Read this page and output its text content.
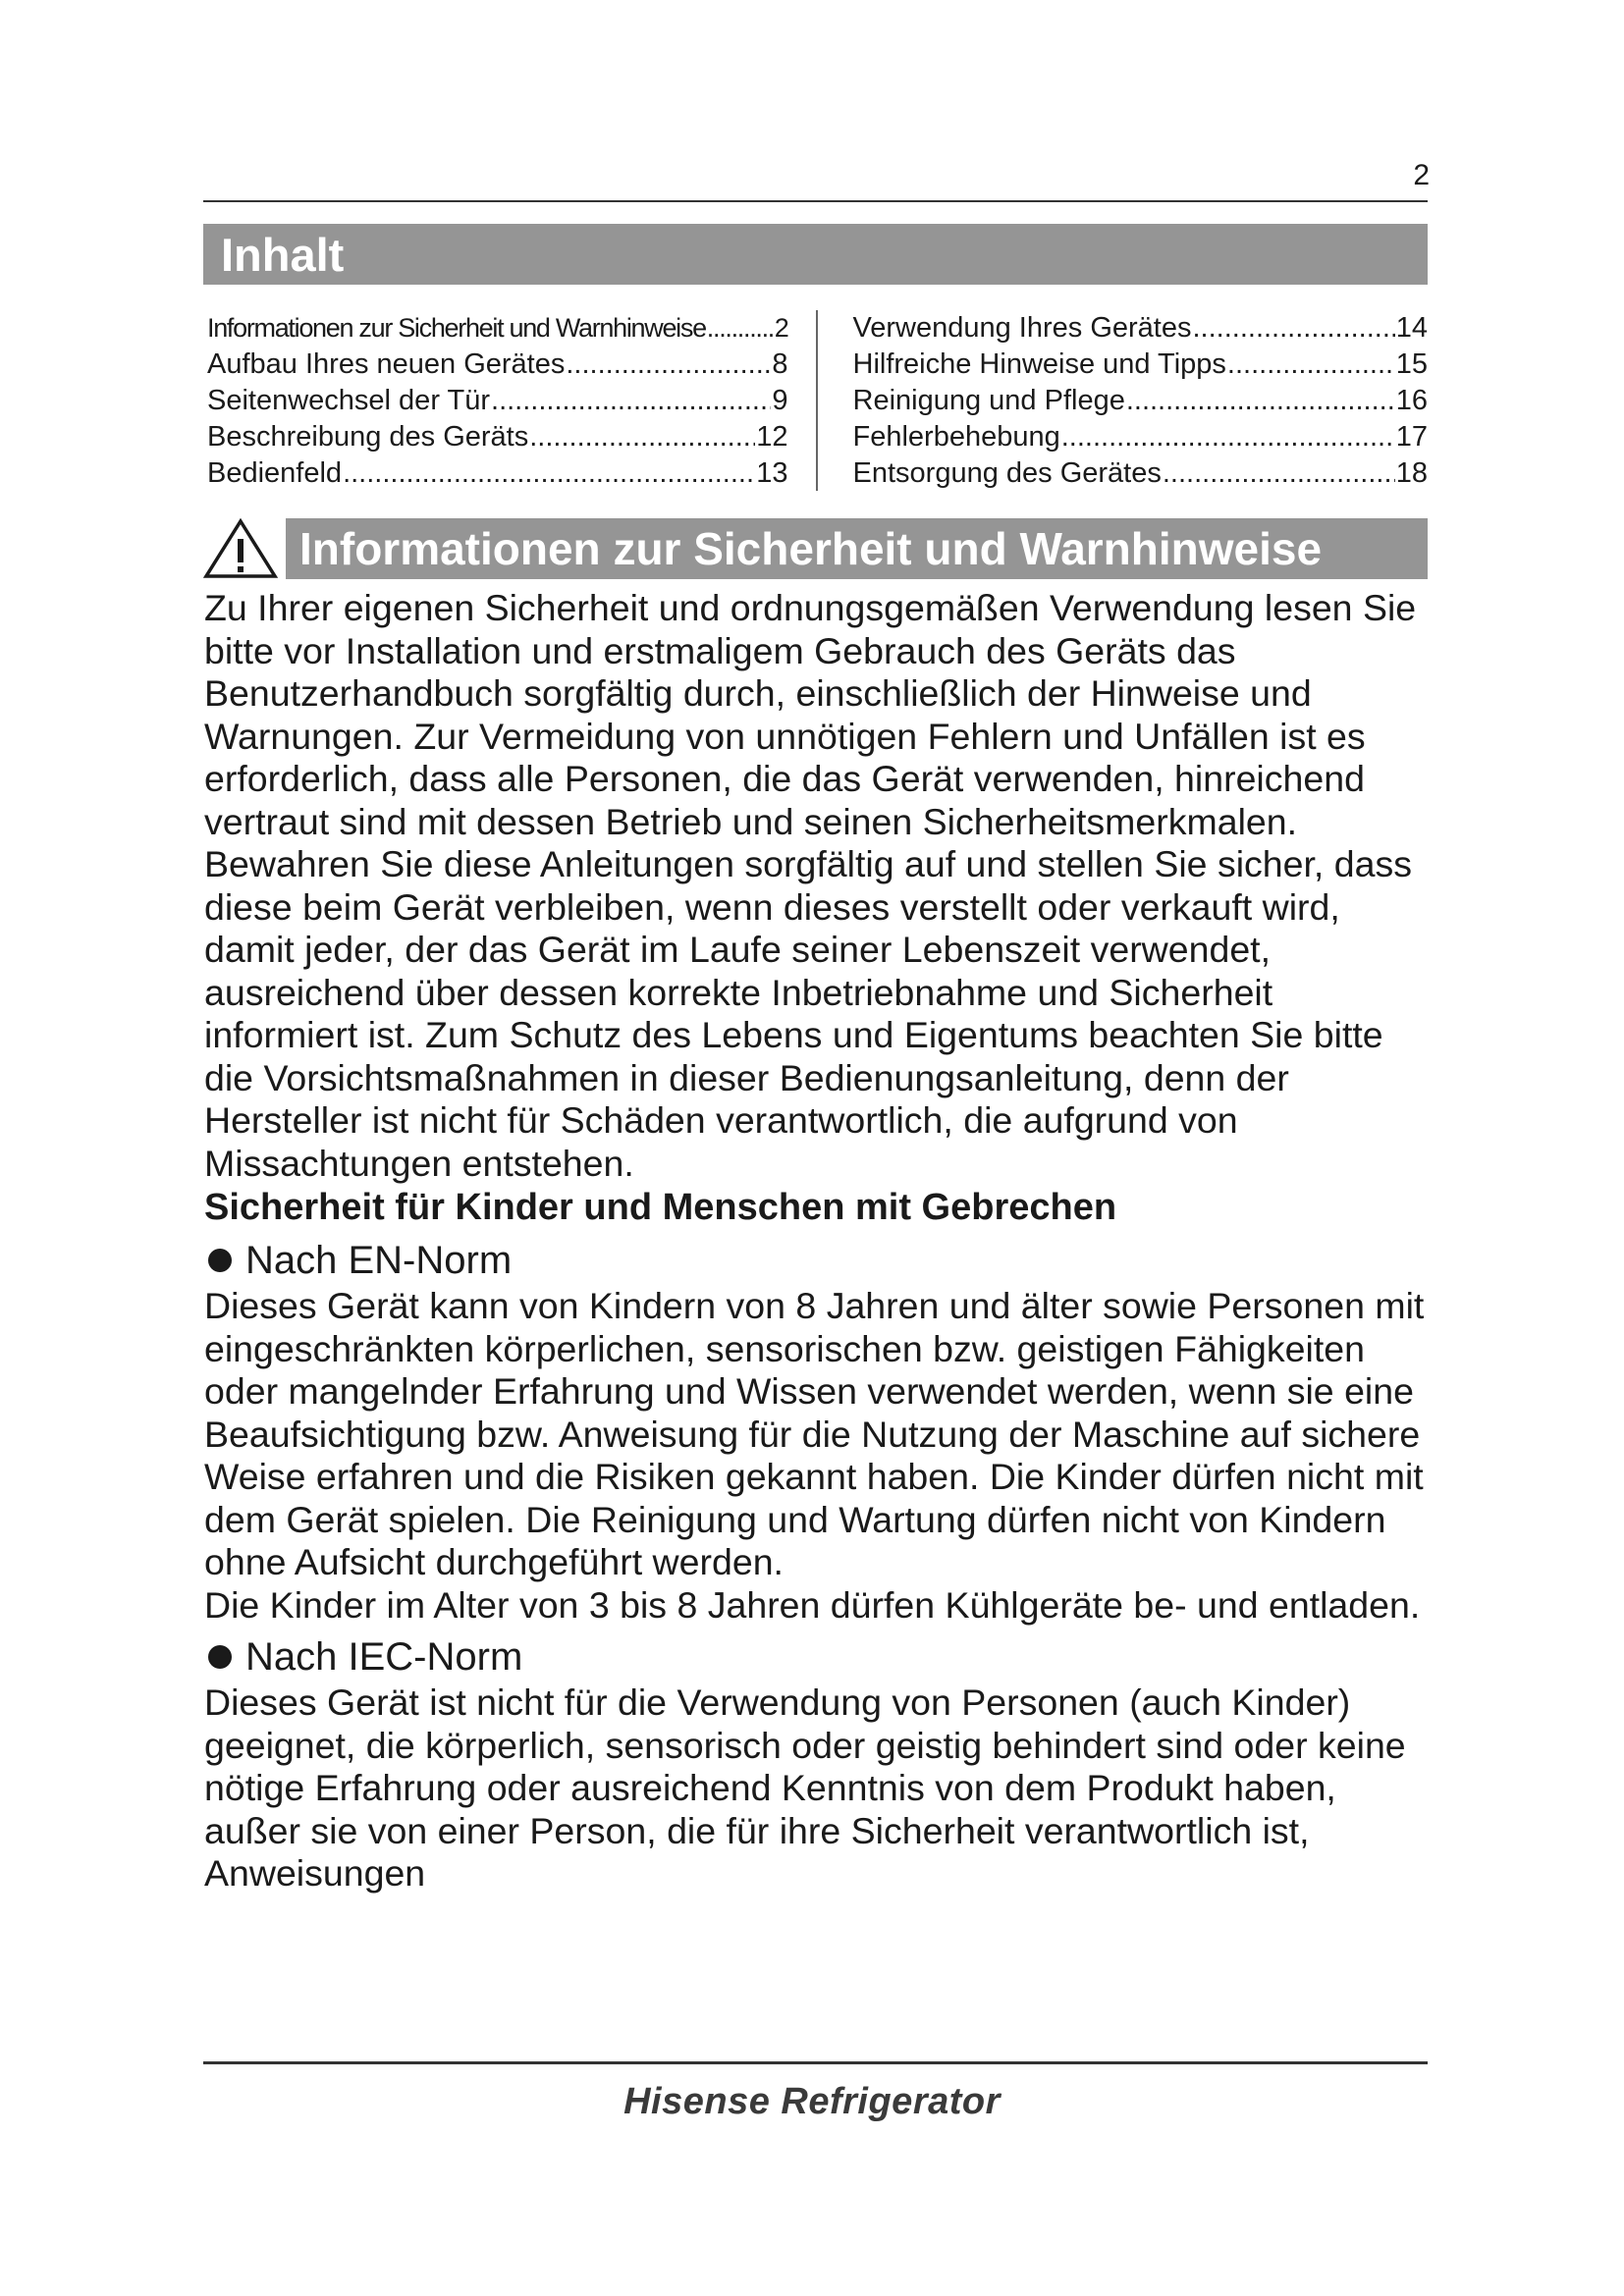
2
Inhalt
Informationen zur Sicherheit und Warnhinweise .....	2
Aufbau Ihres neuen Gerätes .....	8
Seitenwechsel der Tür .....	9
Beschreibung des Geräts .....	12
Bedienfeld .....	13
Verwendung Ihres Gerätes .....	14
Hilfreiche Hinweise und Tipps .....	15
Reinigung und Pflege .....	16
Fehlerbehebung .....	17
Entsorgung des Gerätes .....	18
Informationen zur Sicherheit und Warnhinweise

Zu Ihrer eigenen Sicherheit und ordnungsgemäßen Verwendung lesen Sie bitte vor Installation und erstmaligem Gebrauch des Geräts das Benutzerhandbuch sorgfältig durch, einschließlich der Hinweise und Warnungen. Zur Vermeidung von unnötigen Fehlern und Unfällen ist es erforderlich, dass alle Personen, die das Gerät verwenden, hinreichend vertraut sind mit dessen Betrieb und seinen Sicherheitsmerkmalen. Bewahren Sie diese Anleitungen sorgfältig auf und stellen Sie sicher, dass diese beim Gerät verbleiben, wenn dieses verstellt oder verkauft wird, damit jeder, der das Gerät im Laufe seiner Lebenszeit verwendet, ausreichend über dessen korrekte Inbetriebnahme und Sicherheit informiert ist. Zum Schutz des Lebens und Eigentums beachten Sie bitte die Vorsichtsmaßnahmen in dieser Bedienungsanleitung, denn der Hersteller ist nicht für Schäden verantwortlich, die aufgrund von Missachtungen entstehen.

Sicherheit für Kinder und Menschen mit Gebrechen

Nach EN-Norm

Dieses Gerät kann von Kindern von 8 Jahren und älter sowie Personen mit eingeschränkten körperlichen, sensorischen bzw. geistigen Fähigkeiten oder mangelnder Erfahrung und Wissen verwendet werden, wenn sie eine Beaufsichtigung bzw. Anweisung für die Nutzung der Maschine auf sichere Weise erfahren und die Risiken gekannt haben. Die Kinder dürfen nicht mit dem Gerät spielen. Die Reinigung und Wartung dürfen nicht von Kindern ohne Aufsicht durchgeführt werden.

Die Kinder im Alter von 3 bis 8 Jahren dürfen Kühlgeräte be- und entladen.

Nach IEC-Norm

Dieses Gerät ist nicht für die Verwendung von Personen (auch Kinder) geeignet, die körperlich, sensorisch oder geistig behindert sind oder keine nötige Erfahrung oder ausreichend Kenntnis von dem Produkt haben, außer sie von einer Person, die für ihre Sicherheit verantwortlich ist, Anweisungen

Hisense Refrigerator
